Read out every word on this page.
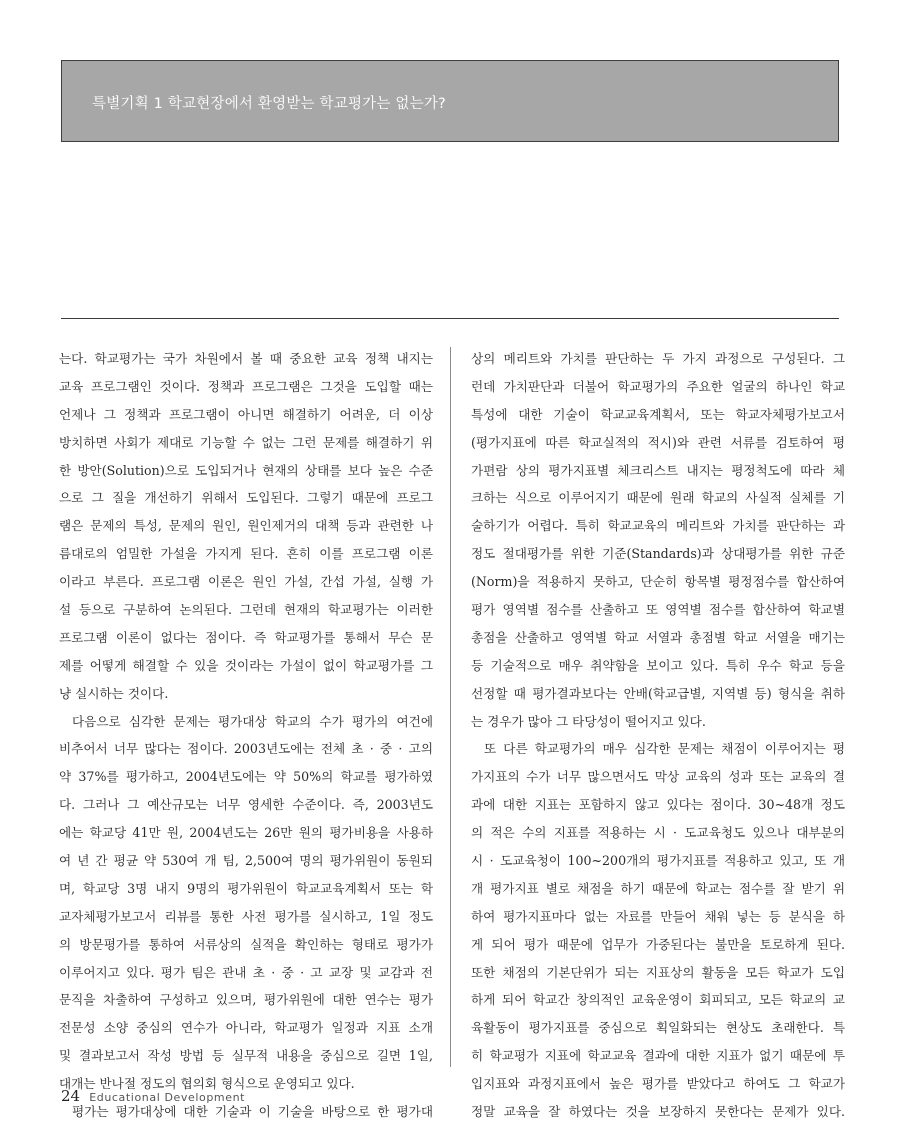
특별기획 1 학교현장에서 환영받는 학교평가는 없는가?
는다. 학교평가는 국가 차원에서 볼 때 중요한 교육 정책 내지는
교육 프로그램인 것이다. 정책과 프로그램은 그것을 도입할 때는
언제나 그 정책과 프로그램이 아니면 해결하기 어려운, 더 이상
방치하면 사회가 제대로 기능할 수 없는 그런 문제를 해결하기 위
한 방안(Solution)으로 도입되거나 현재의 상태를 보다 높은 수준
으로 그 질을 개선하기 위해서 도입된다. 그렇기 때문에 프로그
램은 문제의 특성, 문제의 원인, 원인제거의 대책 등과 관련한 나
름대로의 엄밀한 가설을 가지게 된다. 흔히 이를 프로그램 이론
이라고 부른다. 프로그램 이론은 원인 가설, 간섭 가설, 실행 가
설 등으로 구분하여 논의된다. 그런데 현재의 학교평가는 이러한
프로그램 이론이 없다는 점이다. 즉 학교평가를 통해서 무슨 문
제를 어떻게 해결할 수 있을 것이라는 가설이 없이 학교평가를 그
냥 실시하는 것이다.
다음으로 심각한 문제는 평가대상 학교의 수가 평가의 여건에
비추어서 너무 많다는 점이다. 2003년도에는 전체 초 · 중 · 고의
약 37%를 평가하고, 2004년도에는 약 50%의 학교를 평가하였
다. 그러나 그 예산규모는 너무 영세한 수준이다. 즉, 2003년도
에는 학교당 41만 원, 2004년도는 26만 원의 평가비용을 사용하
여 년 간 평균 약 530여 개 팀, 2,500여 명의 평가위원이 동원되
며, 학교당 3명 내지 9명의 평가위원이 학교교육계획서 또는 학
교자체평가보고서 리뷰를 통한 사전 평가를 실시하고, 1일 정도
의 방문평가를 통하여 서류상의 실적을 확인하는 형태로 평가가
이루어지고 있다. 평가 팀은 관내 초 · 중 · 고 교장 및 교감과 전
문직을 차출하여 구성하고 있으며, 평가위원에 대한 연수는 평가
전문성 소양 중심의 연수가 아니라, 학교평가 일정과 지표 소개
및 결과보고서 작성 방법 등 실무적 내용을 중심으로 길면 1일,
대개는 반나절 정도의 협의회 형식으로 운영되고 있다.
평가는 평가대상에 대한 기술과 이 기술을 바탕으로 한 평가대
상의 메리트와 가치를 판단하는 두 가지 과정으로 구성된다. 그
런데 가치판단과 더불어 학교평가의 주요한 얼굴의 하나인 학교
특성에 대한 기술이 학교교육계획서, 또는 학교자체평가보고서
(평가지표에 따른 학교실적의 적시)와 관련 서류를 검토하여 평
가편람 상의 평가지표별 체크리스트 내지는 평정척도에 따라 체
크하는 식으로 이루어지기 때문에 원래 학교의 사실적 실체를 기
술하기가 어렵다. 특히 학교교육의 메리트와 가치를 판단하는 과
정도 절대평가를 위한 기준(Standards)과 상대평가를 위한 규준
(Norm)을 적용하지 못하고, 단순히 항목별 평정점수를 합산하여
평가 영역별 점수를 산출하고 또 영역별 점수를 합산하여 학교별
총점을 산출하고 영역별 학교 서열과 총점별 학교 서열을 매기는
등 기술적으로 매우 취약함을 보이고 있다. 특히 우수 학교 등을
선정할 때 평가결과보다는 안배(학교급별, 지역별 등) 형식을 취하
는 경우가 많아 그 타당성이 떨어지고 있다.
또 다른 학교평가의 매우 심각한 문제는 채점이 이루어지는 평
가지표의 수가 너무 많으면서도 막상 교육의 성과 또는 교육의 결
과에 대한 지표는 포함하지 않고 있다는 점이다. 30~48개 정도
의 적은 수의 지표를 적용하는 시 · 도교육청도 있으나 대부분의
시 · 도교육청이 100~200개의 평가지표를 적용하고 있고, 또 개
개 평가지표 별로 채점을 하기 때문에 학교는 점수를 잘 받기 위
하여 평가지표마다 없는 자료를 만들어 채워 넣는 등 분식을 하
게 되어 평가 때문에 업무가 가중된다는 불만을 토로하게 된다.
또한 채점의 기본단위가 되는 지표상의 활동을 모든 학교가 도입
하게 되어 학교간 창의적인 교육운영이 회피되고, 모든 학교의 교
육활동이 평가지표를 중심으로 획일화되는 현상도 초래한다. 특
히 학교평가 지표에 학교교육 결과에 대한 지표가 없기 때문에 투
입지표와 과정지표에서 높은 평가를 받았다고 하여도 그 학교가
정말 교육을 잘 하였다는 것을 보장하지 못한다는 문제가 있다.
24 Educational Development
